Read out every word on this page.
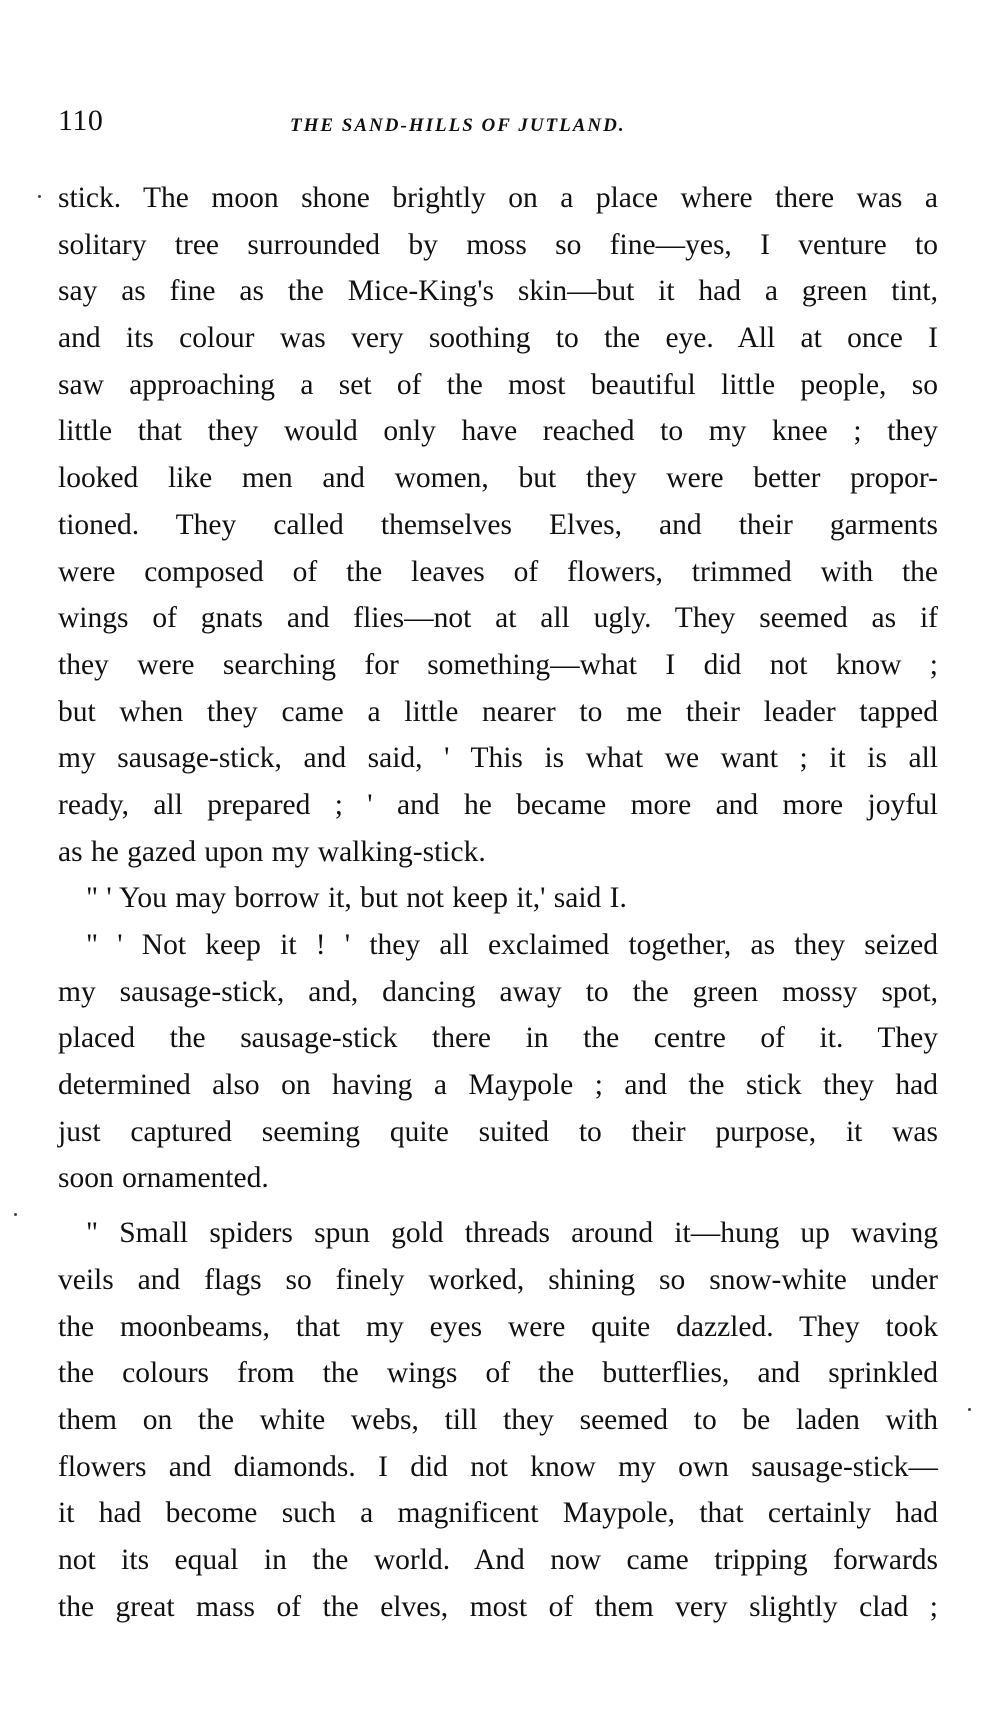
110	THE SAND-HILLS OF JUTLAND.
stick. The moon shone brightly on a place where there was a
solitary tree surrounded by moss so fine—yes, I venture to
say as fine as the Mice-King's skin—but it had a green tint,
and its colour was very soothing to the eye. All at once I
saw approaching a set of the most beautiful little people, so
little that they would only have reached to my knee ; they
looked like men and women, but they were better propor-
tioned. They called themselves Elves, and their garments
were composed of the leaves of flowers, trimmed with the
wings of gnats and flies—not at all ugly. They seemed as if
they were searching for something—what I did not know ;
but when they came a little nearer to me their leader tapped
my sausage-stick, and said, ' This is what we want ; it is all
ready, all prepared ; ' and he became more and more joyful
as he gazed upon my walking-stick.
" ' You may borrow it, but not keep it,' said I.
" ' Not keep it ! ' they all exclaimed together, as they seized
my sausage-stick, and, dancing away to the green mossy spot,
placed the sausage-stick there in the centre of it. They
determined also on having a Maypole ; and the stick they had
just captured seeming quite suited to their purpose, it was
soon ornamented.
" Small spiders spun gold threads around it—hung up waving
veils and flags so finely worked, shining so snow-white under
the moonbeams, that my eyes were quite dazzled. They took
the colours from the wings of the butterflies, and sprinkled
them on the white webs, till they seemed to be laden with
flowers and diamonds. I did not know my own sausage-stick—
it had become such a magnificent Maypole, that certainly had
not its equal in the world. And now came tripping forwards
the great mass of the elves, most of them very slightly clad ;
